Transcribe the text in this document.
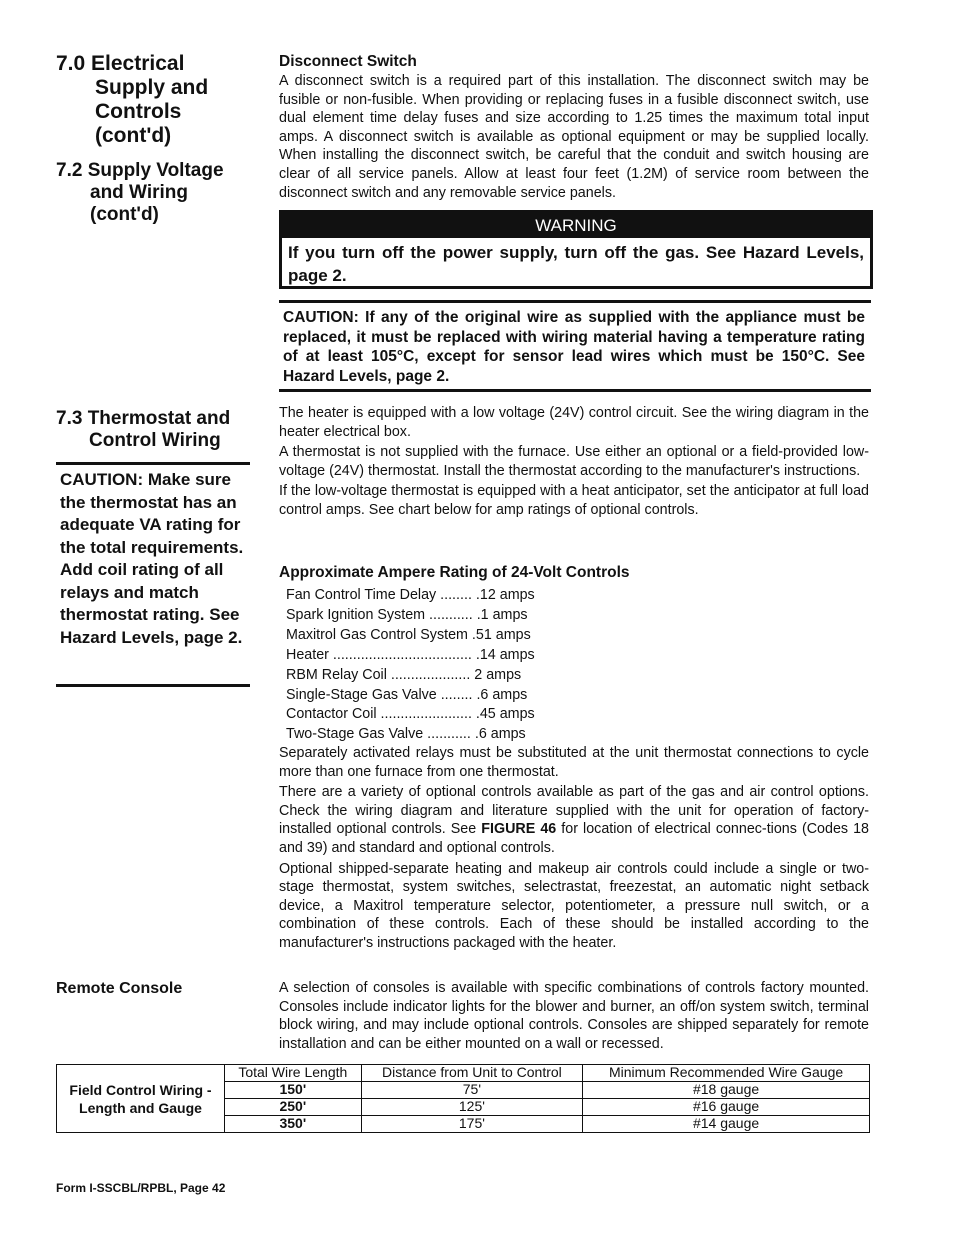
7.0 Electrical
Supply and
Controls
(cont'd)
7.2 Supply Voltage
and Wiring
(cont'd)
7.3 Thermostat and
Control Wiring
CAUTION: Make sure the thermostat has an adequate VA rating for the total requirements. Add coil rating of all relays and match thermostat rating. See Hazard Levels, page 2.
Disconnect Switch
A disconnect switch is a required part of this installation. The disconnect switch may be fusible or non-fusible. When providing or replacing fuses in a fusible disconnect switch, use dual element time delay fuses and size according to 1.25 times the maximum total input amps. A disconnect switch is available as optional equipment or may be supplied locally. When installing the disconnect switch, be careful that the conduit and switch housing are clear of all service panels. Allow at least four feet (1.2M) of service room between the disconnect switch and any removable service panels.
WARNING
If you turn off the power supply, turn off the gas. See Hazard Levels, page 2.
CAUTION: If any of the original wire as supplied with the appliance must be replaced, it must be replaced with wiring material having a temperature rating of at least 105°C, except for sensor lead wires which must be 150°C. See Hazard Levels, page 2.
The heater is equipped with a low voltage (24V) control circuit. See the wiring diagram in the heater electrical box.
A thermostat is not supplied with the furnace. Use either an optional or a field-provided low-voltage (24V) thermostat. Install the thermostat according to the manufacturer's instructions.
If the low-voltage thermostat is equipped with a heat anticipator, set the anticipator at full load control amps. See chart below for amp ratings of optional controls.
Approximate Ampere Rating of 24-Volt Controls
Fan Control Time Delay ........ .12 amps
Spark Ignition System ........... .1 amps
Maxitrol Gas Control System .51 amps
Heater ................................... .14 amps
RBM Relay Coil .................... 2 amps
Single-Stage Gas Valve ........ .6 amps
Contactor Coil ....................... .45 amps
Two-Stage Gas Valve ........... .6 amps
Separately activated relays must be substituted at the unit thermostat connections to cycle more than one furnace from one thermostat.
There are a variety of optional controls available as part of the gas and air control options. Check the wiring diagram and literature supplied with the unit for operation of factory-installed optional controls. See FIGURE 46 for location of electrical connec-tions (Codes 18 and 39) and standard and optional controls.
Optional shipped-separate heating and makeup air controls could include a single or two-stage thermostat, system switches, selectrastat, freezestat, an automatic night setback device, a Maxitrol temperature selector, potentiometer, a pressure null switch, or a combination of these controls. Each of these should be installed according to the manufacturer's instructions packaged with the heater.
Remote Console	A selection of consoles is available with specific combinations of controls factory mounted. Consoles include indicator lights for the blower and burner, an off/on system switch, terminal block wiring, and may include optional controls. Consoles are shipped separately for remote installation and can be either mounted on a wall or recessed.
Field Control Wiring - Length and Gauge	Total Wire Length	Distance from Unit to Control	Minimum Recommended Wire Gauge
	150'	75'	#18 gauge
	250'	125'	#16 gauge
	350'	175'	#14 gauge
Form I-SSCBL/RPBL, Page 42
